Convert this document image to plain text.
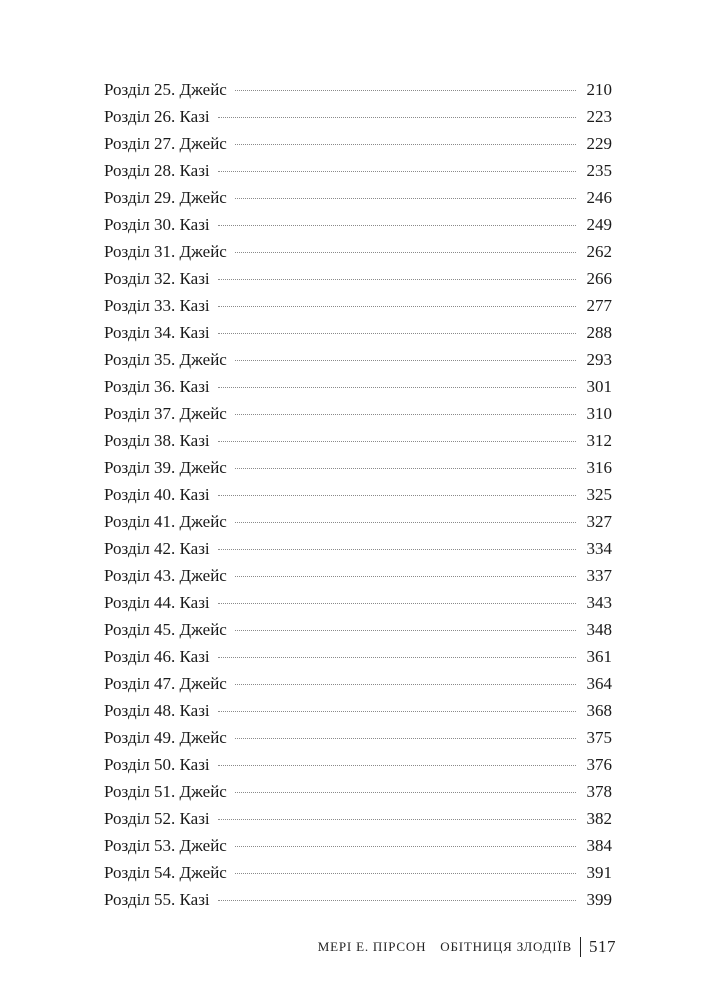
Розділ 25. Джейс	210
Розділ 26. Казі	223
Розділ 27. Джейс	229
Розділ 28. Казі	235
Розділ 29. Джейс	246
Розділ 30. Казі	249
Розділ 31. Джейс	262
Розділ 32. Казі	266
Розділ 33. Казі	277
Розділ 34. Казі	288
Розділ 35. Джейс	293
Розділ 36. Казі	301
Розділ 37. Джейс	310
Розділ 38. Казі	312
Розділ 39. Джейс	316
Розділ 40. Казі	325
Розділ 41. Джейс	327
Розділ 42. Казі	334
Розділ 43. Джейс	337
Розділ 44. Казі	343
Розділ 45. Джейс	348
Розділ 46. Казі	361
Розділ 47. Джейс	364
Розділ 48. Казі	368
Розділ 49. Джейс	375
Розділ 50. Казі	376
Розділ 51. Джейс	378
Розділ 52. Казі	382
Розділ 53. Джейс	384
Розділ 54. Джейс	391
Розділ 55. Казі	399
МЕРІ Е. ПІРСОН ОБІТНИЦЯ ЗЛОДІЇВ 517
